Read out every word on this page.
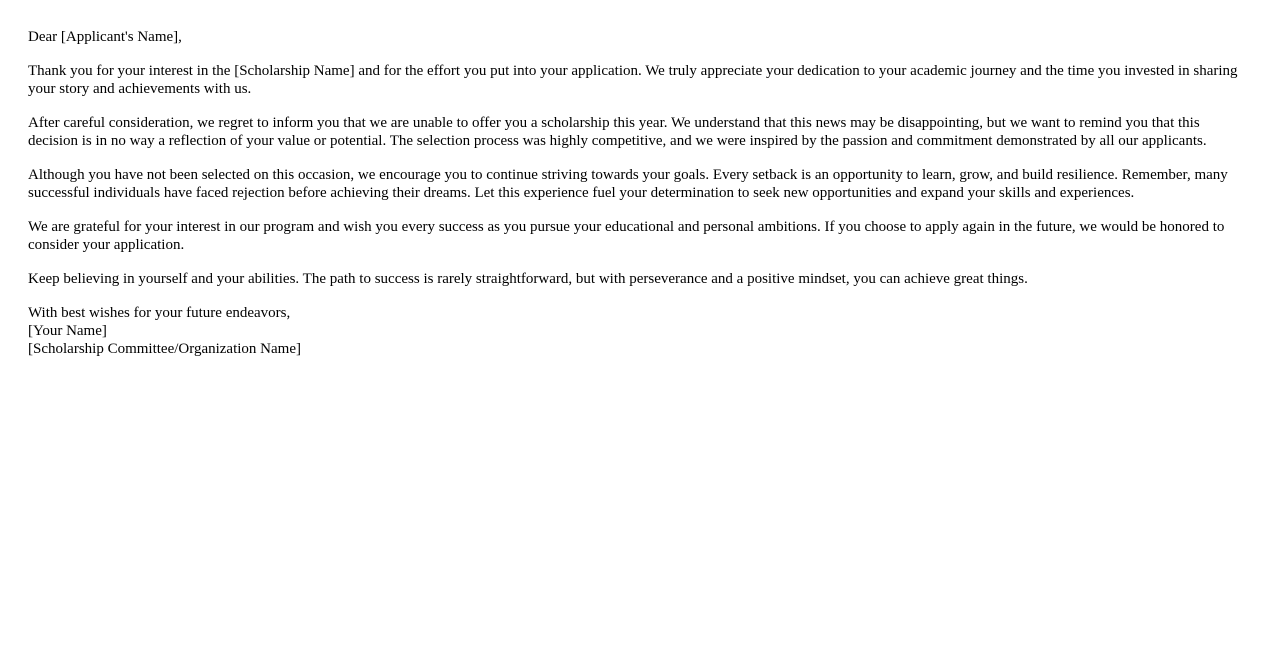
Dear [Applicant's Name],

Thank you for your interest in the [Scholarship Name] and for the effort you put into your application. We truly appreciate your dedication to your academic journey and the time you invested in sharing your story and achievements with us.

After careful consideration, we regret to inform you that we are unable to offer you a scholarship this year. We understand that this news may be disappointing, but we want to remind you that this decision is in no way a reflection of your value or potential. The selection process was highly competitive, and we were inspired by the passion and commitment demonstrated by all our applicants.

Although you have not been selected on this occasion, we encourage you to continue striving towards your goals. Every setback is an opportunity to learn, grow, and build resilience. Remember, many successful individuals have faced rejection before achieving their dreams. Let this experience fuel your determination to seek new opportunities and expand your skills and experiences.

We are grateful for your interest in our program and wish you every success as you pursue your educational and personal ambitions. If you choose to apply again in the future, we would be honored to consider your application.

Keep believing in yourself and your abilities. The path to success is rarely straightforward, but with perseverance and a positive mindset, you can achieve great things.

With best wishes for your future endeavors,

[Your Name]

[Scholarship Committee/Organization Name]
